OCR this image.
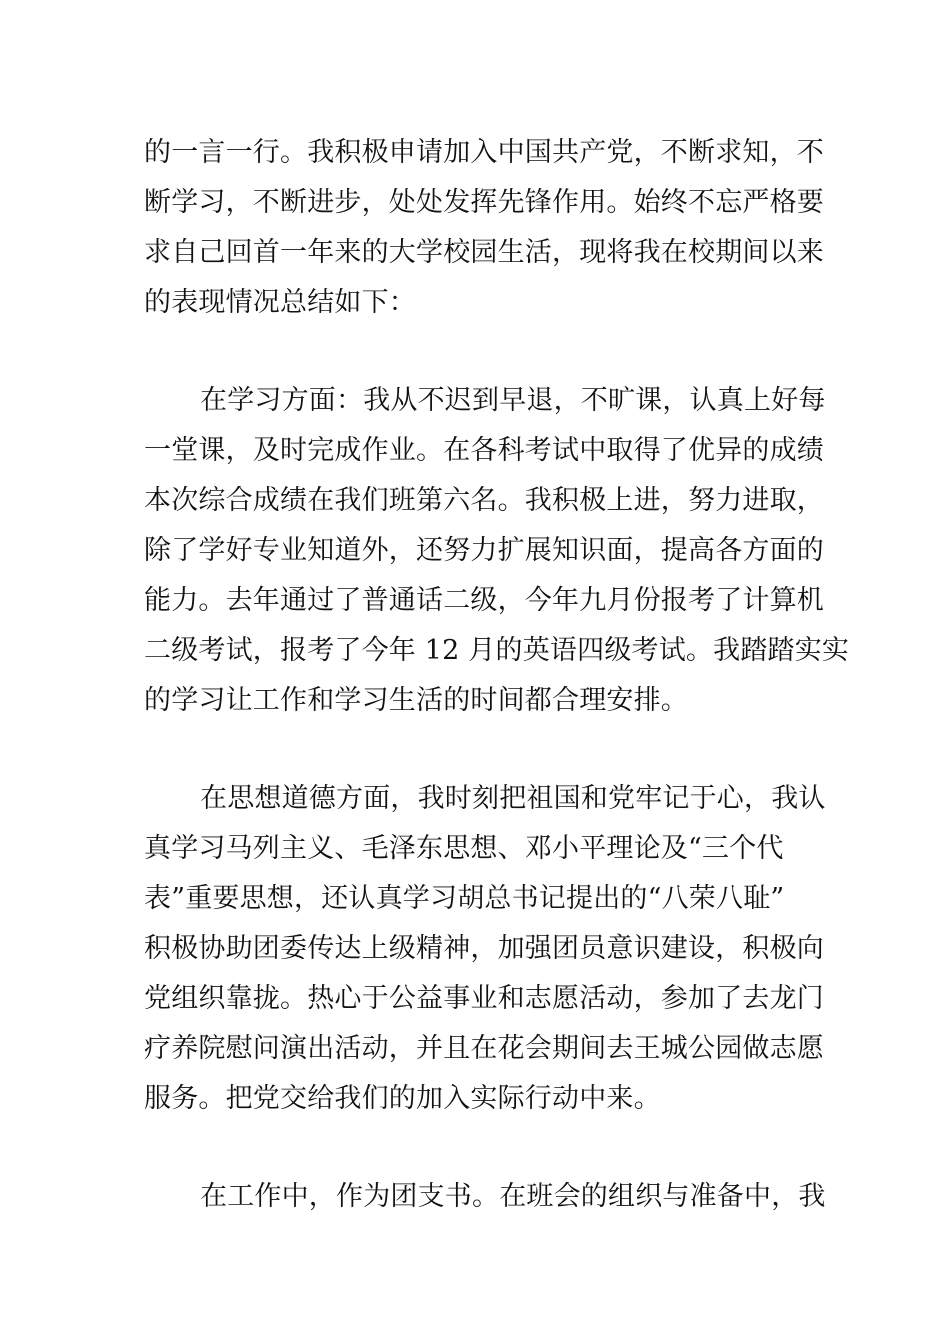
的一言一行。我积极申请加入中国共产党，不断求知，不
断学习，不断进步，处处发挥先锋作用。始终不忘严格要
求自己回首一年来的大学校园生活，现将我在校期间以来
的表现情况总结如下：
在学习方面：我从不迟到早退，不旷课，认真上好每
一堂课，及时完成作业。在各科考试中取得了优异的成绩
本次综合成绩在我们班第六名。我积极上进，努力进取，
除了学好专业知道外，还努力扩展知识面，提高各方面的
能力。去年通过了普通话二级，今年九月份报考了计算机
二级考试，报考了今年 12 月的英语四级考试。我踏踏实实
的学习让工作和学习生活的时间都合理安排。
在思想道德方面，我时刻把祖国和党牢记于心，我认
真学习马列主义、毛泽东思想、邓小平理论及“三个代
表”重要思想，还认真学习胡总书记提出的“八荣八耻”
积极协助团委传达上级精神，加强团员意识建设，积极向
党组织靠拢。热心于公益事业和志愿活动，参加了去龙门
疗养院慰问演出活动，并且在花会期间去王城公园做志愿
服务。把党交给我们的加入实际行动中来。
在工作中，作为团支书。在班会的组织与准备中，我
